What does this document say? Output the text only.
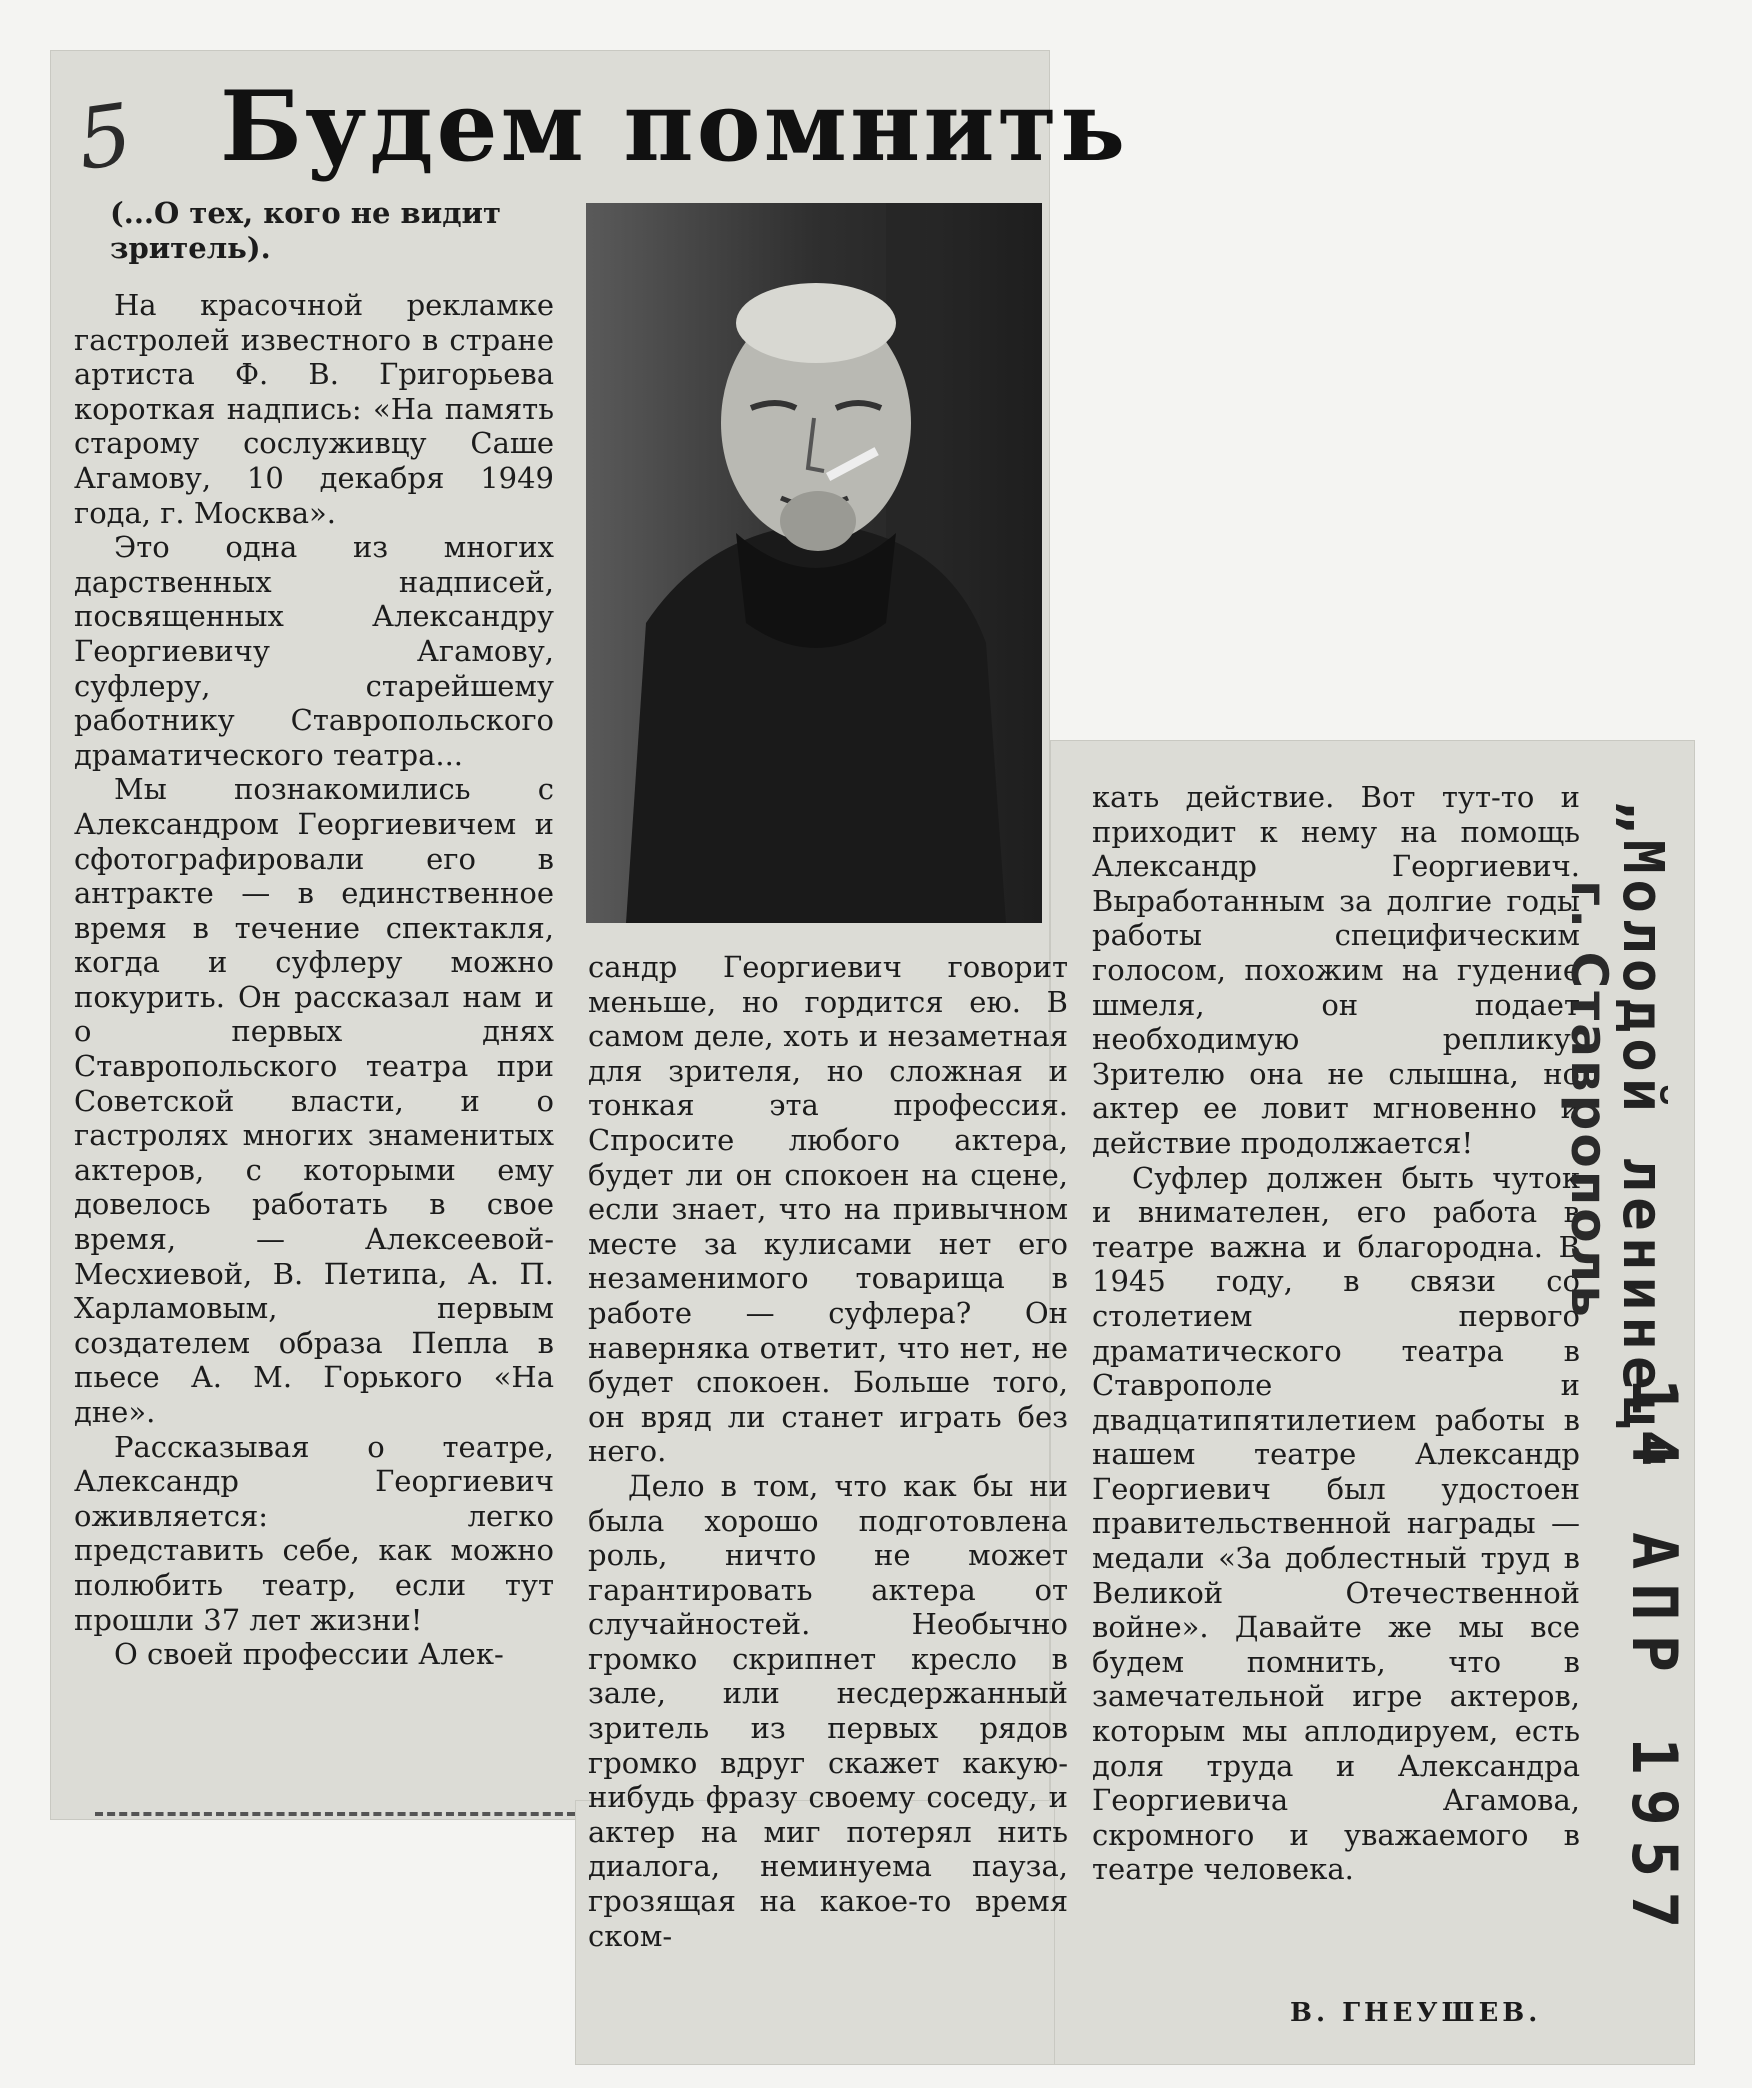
5 Будем помнить
(...О тех, кого не видит зритель).

На красочной рекламке гастролей известного в стране артиста Ф. В. Григорьева короткая надпись: «На память старому сослуживцу Саше Агамову, 10 декабря 1949 года, г. Москва».

Это одна из многих дарственных надписей, посвященных Александру Георгиевичу Агамову, суфлеру, старейшему работнику Ставропольского драматического театра...

Мы познакомились с Александром Георгиевичем и сфотографировали его в антракте — в единственное время в течение спектакля, когда и суфлеру можно покурить. Он рассказал нам и о первых днях Ставропольского театра при Советской власти, и о гастролях многих знаменитых актеров, с которыми ему довелось работать в свое время, — Алексеевой-Месхиевой, В. Петипа, А. П. Харламовым, первым создателем образа Пепла в пьесе А. М. Горького «На дне».

Рассказывая о театре, Александр Георгиевич оживляется: легко представить себе, как можно полюбить театр, если тут прошли 37 лет жизни!

О своей профессии Алек-

сандр Георгиевич говорит меньше, но гордится ею. В самом деле, хоть и незаметная для зрителя, но сложная и тонкая эта профессия. Спросите любого актера, будет ли он спокоен на сцене, если знает, что на привычном месте за кулисами нет его незаменимого товарища в работе — суфлера? Он наверняка ответит, что нет, не будет спокоен. Больше того, он вряд ли станет играть без него.

Дело в том, что как бы ни была хорошо подготовлена роль, ничто не может гарантировать актера от случайностей. Необычно громко скрипнет кресло в зале, или несдержанный зритель из первых рядов громко вдруг скажет какую-нибудь фразу своему соседу, и актер на миг потерял нить диалога, неминуема пауза, грозящая на какое-то время ском-

кать действие. Вот тут-то и приходит к нему на помощь Александр Георгиевич. Выработанным за долгие годы работы специфическим голосом, похожим на гудение шмеля, он подает необходимую реплику. Зрителю она не слышна, но актер ее ловит мгновенно и действие продолжается!

Суфлер должен быть чуток и внимателен, его работа в театре важна и благородна. В 1945 году, в связи со столетием первого драматического театра в Ставрополе и двадцатипятилетием работы в нашем театре Александр Георгиевич был удостоен правительственной награды — медали «За доблестный труд в Великой Отечественной войне». Давайте же мы все будем помнить, что в замечательной игре актеров, которым мы аплодируем, есть доля труда и Александра Георгиевича Агамова, скромного и уважаемого в театре человека.

В. ГНЕУШЕВ.
„Молодой ленинец"
г. Ставрополь
14 АПР 1957
